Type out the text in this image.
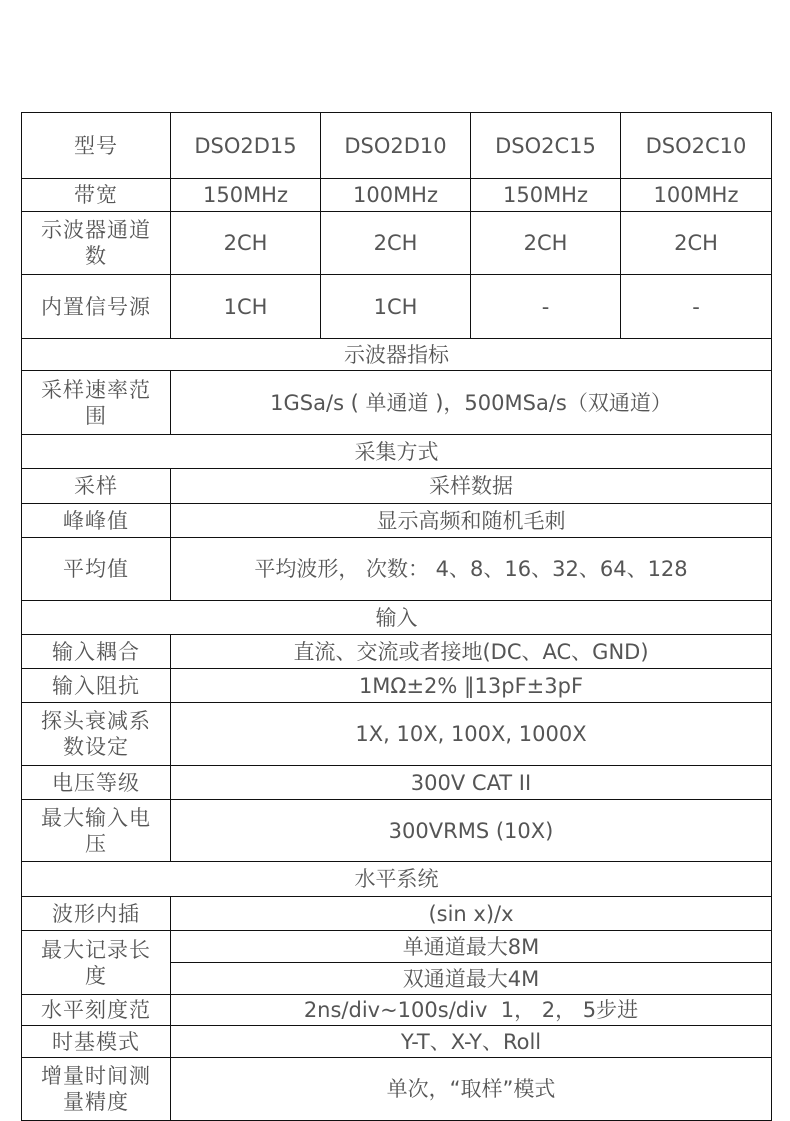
型号	DSO2D15	DSO2D10	DSO2C15	DSO2C10
带宽	150MHz	100MHz	150MHz	100MHz
示波器通道数	2CH	2CH	2CH	2CH
内置信号源	1CH	1CH	-	-
示波器指标				
采样速率范围	1GSa/s ( 单通道 )，500MSa/s（双通道）			
采集方式				
采样	采样数据			
峰峰值	显示高频和随机毛刺			
平均值	平均波形， 次数： 4、8、16、32、64、128			
输入				
输入耦合	直流、交流或者接地(DC、AC、GND)			
输入阻抗	1MΩ±2% ‖13pF±3pF			
探头衰减系数设定	1X, 10X, 100X, 1000X			
电压等级	300V CAT II			
最大输入电压	300VRMS (10X)			
水平系统				
波形内插	(sin x)/x			
最大记录长度	单通道最大8M			
	双通道最大4M			
水平刻度范	2ns/div~100s/div  1， 2， 5步进			
时基模式	Y-T、X-Y、Roll			
增量时间测量精度	单次，“取样”模式			
